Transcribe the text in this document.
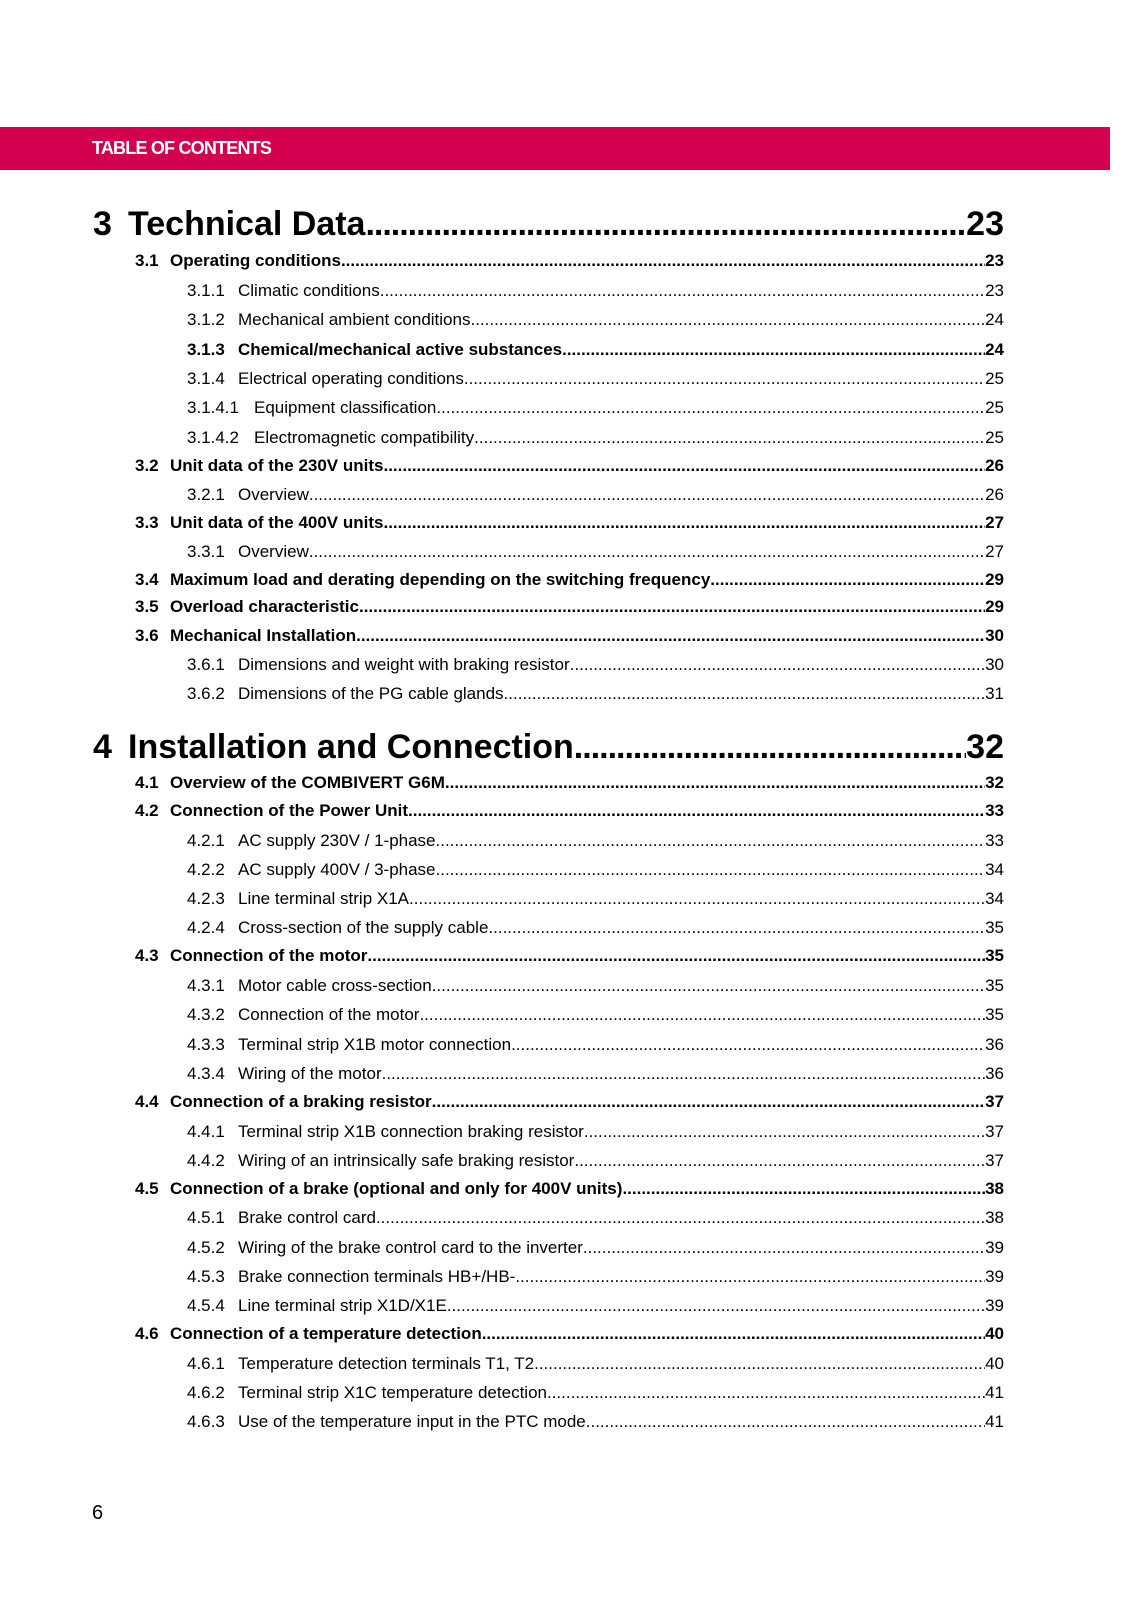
TABLE OF CONTENTS
3 Technical Data .....	23
3.1 Operating conditions .....	23
3.1.1 Climatic conditions .....	23
3.1.2 Mechanical ambient conditions .....	24
3.1.3 Chemical/mechanical active substances .....	24
3.1.4 Electrical operating conditions .....	25
3.1.4.1 Equipment classification .....	25
3.1.4.2 Electromagnetic compatibility .....	25
3.2 Unit data of the 230V units .....	26
3.2.1 Overview .....	26
3.3 Unit data of the 400V units .....	27
3.3.1 Overview .....	27
3.4 Maximum load and derating depending on the switching frequency .....	29
3.5 Overload characteristic .....	29
3.6 Mechanical Installation .....	30
3.6.1 Dimensions and weight with braking resistor .....	30
3.6.2 Dimensions of the PG cable glands .....	31
4 Installation and Connection .....	32
4.1 Overview of the COMBIVERT G6M .....	32
4.2 Connection of the Power Unit .....	33
4.2.1 AC supply 230V / 1-phase .....	33
4.2.2 AC supply 400V / 3-phase .....	34
4.2.3 Line terminal strip X1A .....	34
4.2.4 Cross-section of the supply cable .....	35
4.3 Connection of the motor .....	35
4.3.1 Motor cable cross-section .....	35
4.3.2 Connection of the motor .....	35
4.3.3 Terminal strip X1B motor connection .....	36
4.3.4 Wiring of the motor .....	36
4.4 Connection of a braking resistor .....	37
4.4.1 Terminal strip X1B connection braking resistor .....	37
4.4.2 Wiring of an intrinsically safe braking resistor .....	37
4.5 Connection of a brake (optional and only for 400V units) .....	38
4.5.1 Brake control card .....	38
4.5.2 Wiring of the brake control card to the inverter .....	39
4.5.3 Brake connection terminals HB+/HB- .....	39
4.5.4 Line terminal strip X1D/X1E .....	39
4.6 Connection of a temperature detection .....	40
4.6.1 Temperature detection terminals T1, T2 .....	40
4.6.2 Terminal strip X1C temperature detection .....	41
4.6.3 Use of the temperature input in the PTC mode .....	41
6
